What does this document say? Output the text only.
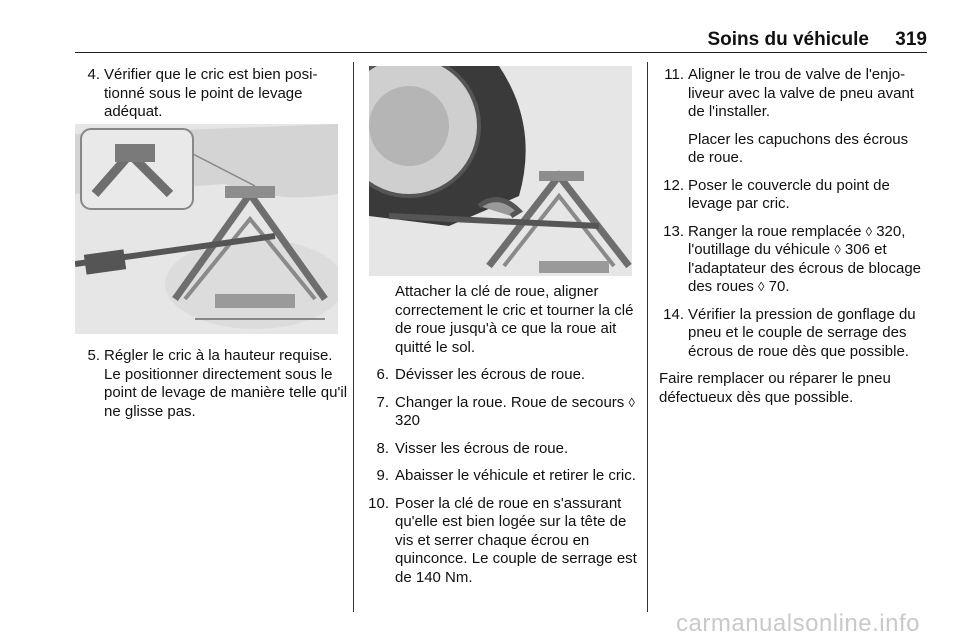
Soins du véhicule 319
4. Vérifier que le cric est bien positionné sous le point de levage adéquat.
5. Régler le cric à la hauteur requise. Le positionner directement sous le point de levage de manière telle qu'il ne glisse pas.
Attacher la clé de roue, aligner correctement le cric et tourner la clé de roue jusqu'à ce que la roue ait quitté le sol.
6. Dévisser les écrous de roue.
7. Changer la roue. Roue de secours ◊ 320
8. Visser les écrous de roue.
9. Abaisser le véhicule et retirer le cric.
10. Poser la clé de roue en s'assurant qu'elle est bien logée sur la tête de vis et serrer chaque écrou en quinconce. Le couple de serrage est de 140 Nm.
11. Aligner le trou de valve de l'enjoliveur avec la valve de pneu avant de l'installer.
Placer les capuchons des écrous de roue.
12. Poser le couvercle du point de levage par cric.
13. Ranger la roue remplacée ◊ 320, l'outillage du véhicule ◊ 306 et l'adaptateur des écrous de blocage des roues ◊ 70.
14. Vérifier la pression de gonflage du pneu et le couple de serrage des écrous de roue dès que possible.
Faire remplacer ou réparer le pneu défectueux dès que possible.
carmanualsonline.info
